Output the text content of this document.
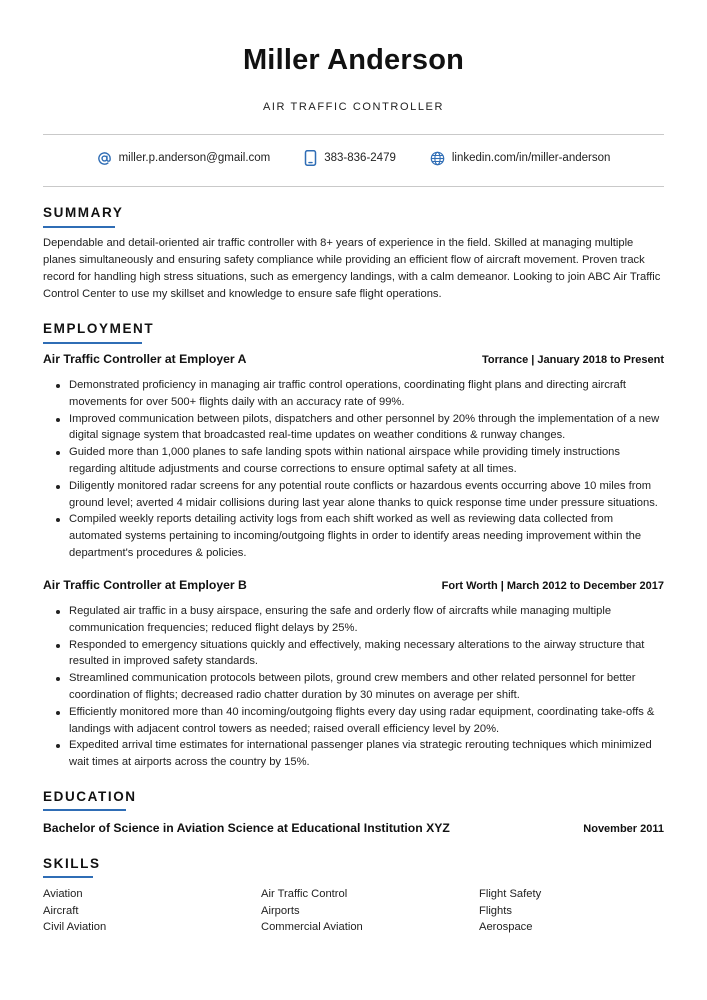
Miller Anderson
AIR TRAFFIC CONTROLLER
miller.p.anderson@gmail.com	383-836-2479	linkedin.com/in/miller-anderson
SUMMARY
Dependable and detail-oriented air traffic controller with 8+ years of experience in the field. Skilled at managing multiple planes simultaneously and ensuring safety compliance while providing an efficient flow of aircraft movement. Proven track record for handling high stress situations, such as emergency landings, with a calm demeanor. Looking to join ABC Air Traffic Control Center to use my skillset and knowledge to ensure safe flight operations.
EMPLOYMENT
Air Traffic Controller at Employer A	Torrance | January 2018 to Present
Demonstrated proficiency in managing air traffic control operations, coordinating flight plans and directing aircraft movements for over 500+ flights daily with an accuracy rate of 99%.
Improved communication between pilots, dispatchers and other personnel by 20% through the implementation of a new digital signage system that broadcasted real-time updates on weather conditions & runway changes.
Guided more than 1,000 planes to safe landing spots within national airspace while providing timely instructions regarding altitude adjustments and course corrections to ensure optimal safety at all times.
Diligently monitored radar screens for any potential route conflicts or hazardous events occurring above 10 miles from ground level; averted 4 midair collisions during last year alone thanks to quick response time under pressure situations.
Compiled weekly reports detailing activity logs from each shift worked as well as reviewing data collected from automated systems pertaining to incoming/outgoing flights in order to identify areas needing improvement within the department's procedures & policies.
Air Traffic Controller at Employer B	Fort Worth | March 2012 to December 2017
Regulated air traffic in a busy airspace, ensuring the safe and orderly flow of aircrafts while managing multiple communication frequencies; reduced flight delays by 25%.
Responded to emergency situations quickly and effectively, making necessary alterations to the airway structure that resulted in improved safety standards.
Streamlined communication protocols between pilots, ground crew members and other related personnel for better coordination of flights; decreased radio chatter duration by 30 minutes on average per shift.
Efficiently monitored more than 40 incoming/outgoing flights every day using radar equipment, coordinating take-offs & landings with adjacent control towers as needed; raised overall efficiency level by 20%.
Expedited arrival time estimates for international passenger planes via strategic rerouting techniques which minimized wait times at airports across the country by 15%.
EDUCATION
Bachelor of Science in Aviation Science at Educational Institution XYZ	November 2011
SKILLS
Aviation	Air Traffic Control	Flight Safety
Aircraft	Airports	Flights
Civil Aviation	Commercial Aviation	Aerospace
